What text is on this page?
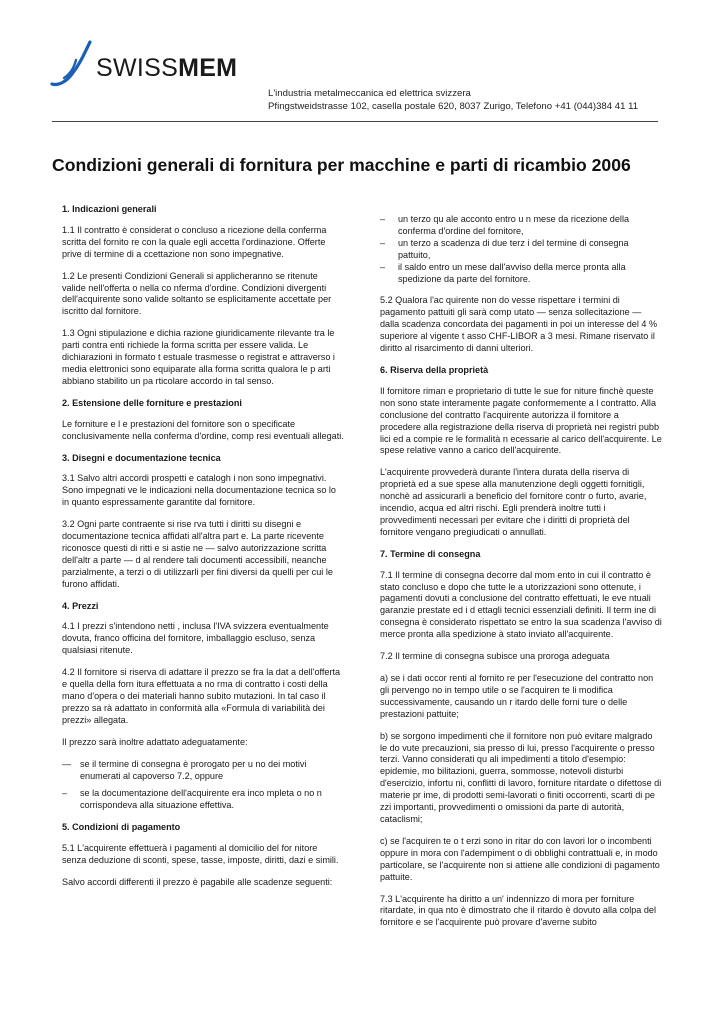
SWISSMEM
L'industria metalmeccanica ed elettrica svizzera
Pfingstweidstrasse 102, casella postale 620, 8037 Zurigo, Telefono +41 (044)384 41 11
Condizioni generali di fornitura per macchine e parti di ricambio 2006
1. Indicazioni generali

1.1 Il contratto è considerat o concluso a ricezione della conferma scritta del fornito re con la quale egli accetta l'ordinazione. Offerte prive di termine di a ccettazione non sono impegnative.

1.2 Le presenti Condizioni Generali si applicheranno se ritenute valide nell'offerta o nella co nferma d'ordine. Condizioni divergenti dell'acquirente sono valide soltanto se esplicitamente accettate per iscritto dal fornitore.

1.3 Ogni stipulazione e dichia razione giuridicamente rilevante tra le parti contra enti richiede la forma scritta per essere valida. Le dichiarazioni in formato t estuale trasmesse o registrat e attraverso i media elettronici sono equiparate alla forma scritta qualora le p arti abbiano stabilito un pa rticolare accordo in tal senso.

2. Estensione delle forniture e prestazioni

Le forniture e l e prestazioni del fornitore son o specificate conclusivamente nella conferma d'ordine, comp resi eventuali allegati.

3. Disegni e documentazione tecnica

3.1 Salvo altri accordi prospetti e catalogh i non sono impegnativi. Sono impegnati ve le indicazioni nella documentazione tecnica so lo in quanto espressamente garantite dal fornitore.

3.2 Ogni parte contraente si rise rva tutti i diritti su disegni e documentazione tecnica affidati all'altra part e. La parte ricevente riconosce questi di ritti e si astie ne — salvo autorizzazione scritta dell'altr a parte — d al rendere tali documenti accessibili, neanche parzialmente, a terzi o di utilizzarli per fini diversi da quelli per cui le furono affidati.

4. Prezzi

4.1 I prezzi s'intendono netti , inclusa l'IVA svizzera eventualmente dovuta, franco officina del fornitore, imballaggio escluso, senza qualsiasi ritenute.

4.2 Il fornitore si riserva di adattare il prezzo se fra la dat a dell'offerta e quella della forn itura effettuata a no rma di contratto i costi della mano d'opera o dei materiali hanno subito mutazioni. In tal caso il prezzo sa rà adattato in conformità alla «Formula di variabilità dei prezzi» allegata.

Il prezzo sarà inoltre adattato adeguatamente:

— se il termine di consegna è prorogato per u no dei motivi enumerati al capoverso 7.2, oppure
– se la documentazione dell'acquirente era inco mpleta o no n corrispondeva alla situazione effettiva.
5. Condizioni di pagamento

5.1 L'acquirente effettuerà i pagamenti al domicilio del for nitore senza deduzione di sconti, spese, tasse, imposte, diritti, dazi e simili.

Salvo accordi differenti il prezzo è pagabile alle scadenze seguenti:

– un terzo qu ale acconto entro u n mese da ricezione della conferma d'ordine del fornitore,
– un terzo a scadenza di due terz i del termine di consegna pattuito,
– il saldo entro un mese dall'avviso della merce pronta alla spedizione da parte del fornitore.

5.2 Qualora l'ac quirente non do vesse rispettare i termini di pagamento pattuiti gli sarà comp utato — senza sollecitazione — dalla scadenza concordata dei pagamenti in poi un interesse del 4 % superiore al vigente t asso CHF-LIBOR a 3 mesi. Rimane riservato il diritto al risarcimento di danni ulteriori.

6. Riserva della proprietà

Il fornitore riman e proprietario di tutte le sue for niture finchè queste non sono state interamente pagate conformemente a l contratto. Alla conclusione del contratto l'acquirente autorizza il fornitore a procedere alla registrazione della riserva di proprietà nei registri pubb lici ed a compie re le formalità n ecessarie al carico dell'acquirente. Le spese relative vanno a carico dell'acquirente.

L'acquirente provvederà durante l'intera durata della riserva di proprietà ed a sue spese alla manutenzione degli oggetti fornitigli, nonchè ad assicurarli a beneficio del fornitore contr o furto, avarie, incendio, acqua ed altri rischi. Egli prenderà inoltre tutti i provvedimenti necessari per evitare che i diritti di proprietà del fornitore vengano pregiudicati o annullati.

7. Termine di consegna

7.1 Il termine di consegna decorre dal mom ento in cui il contratto è stato concluso e dopo che tutte le a utorizzazioni sono ottenute, i pagamenti dovuti a conclusione del contratto effettuati, le eve ntuali garanzie prestate ed i d ettagli tecnici essenziali definiti. Il term ine di consegna è considerato rispettato se entro la sua scadenza l'avviso di merce pronta alla spedizione à stato inviato all'acquirente.

7.2 Il termine di consegna subisce una proroga adeguata

a) se i dati occor renti al fornito re per l'esecuzione del contratto non gli pervengo no in tempo utile o se l'acquiren te li modifica successivamente, causando un r itardo delle forni ture o delle prestazioni pattuite;

b) se sorgono impedimenti che il fornitore non può evitare malgrado le do vute precauzioni, sia presso di lui, presso l'acquirente o presso terzi. Vanno considerati qu ali impedimenti a titolo d'esempio: epidemie, mo bilitazioni, guerra, sommosse, notevoli disturbi d'esercizio, infortu ni, conflitti di lavoro, forniture ritardate o difettose di materie pr ime, di prodotti semi-lavorati o finiti occorrenti, scarti di pe zzi importanti, provvedimenti o omissioni da parte di autorità, cataclismi;

c) se l'acquiren te o t erzi sono in ritar do con lavori lor o incombenti oppure in mora con l'adempiment o di obblighi contrattuali e, in modo particolare, se l'acquirente non si attiene alle condizioni di pagamento pattuite.

7.3 L'acquirente ha diritto a un' indennizzo di mora per forniture ritardate, in qua nto è dimostrato che il ritardo è dovuto alla colpa del fornitore e se l'acquirente può provare d'averne subito
